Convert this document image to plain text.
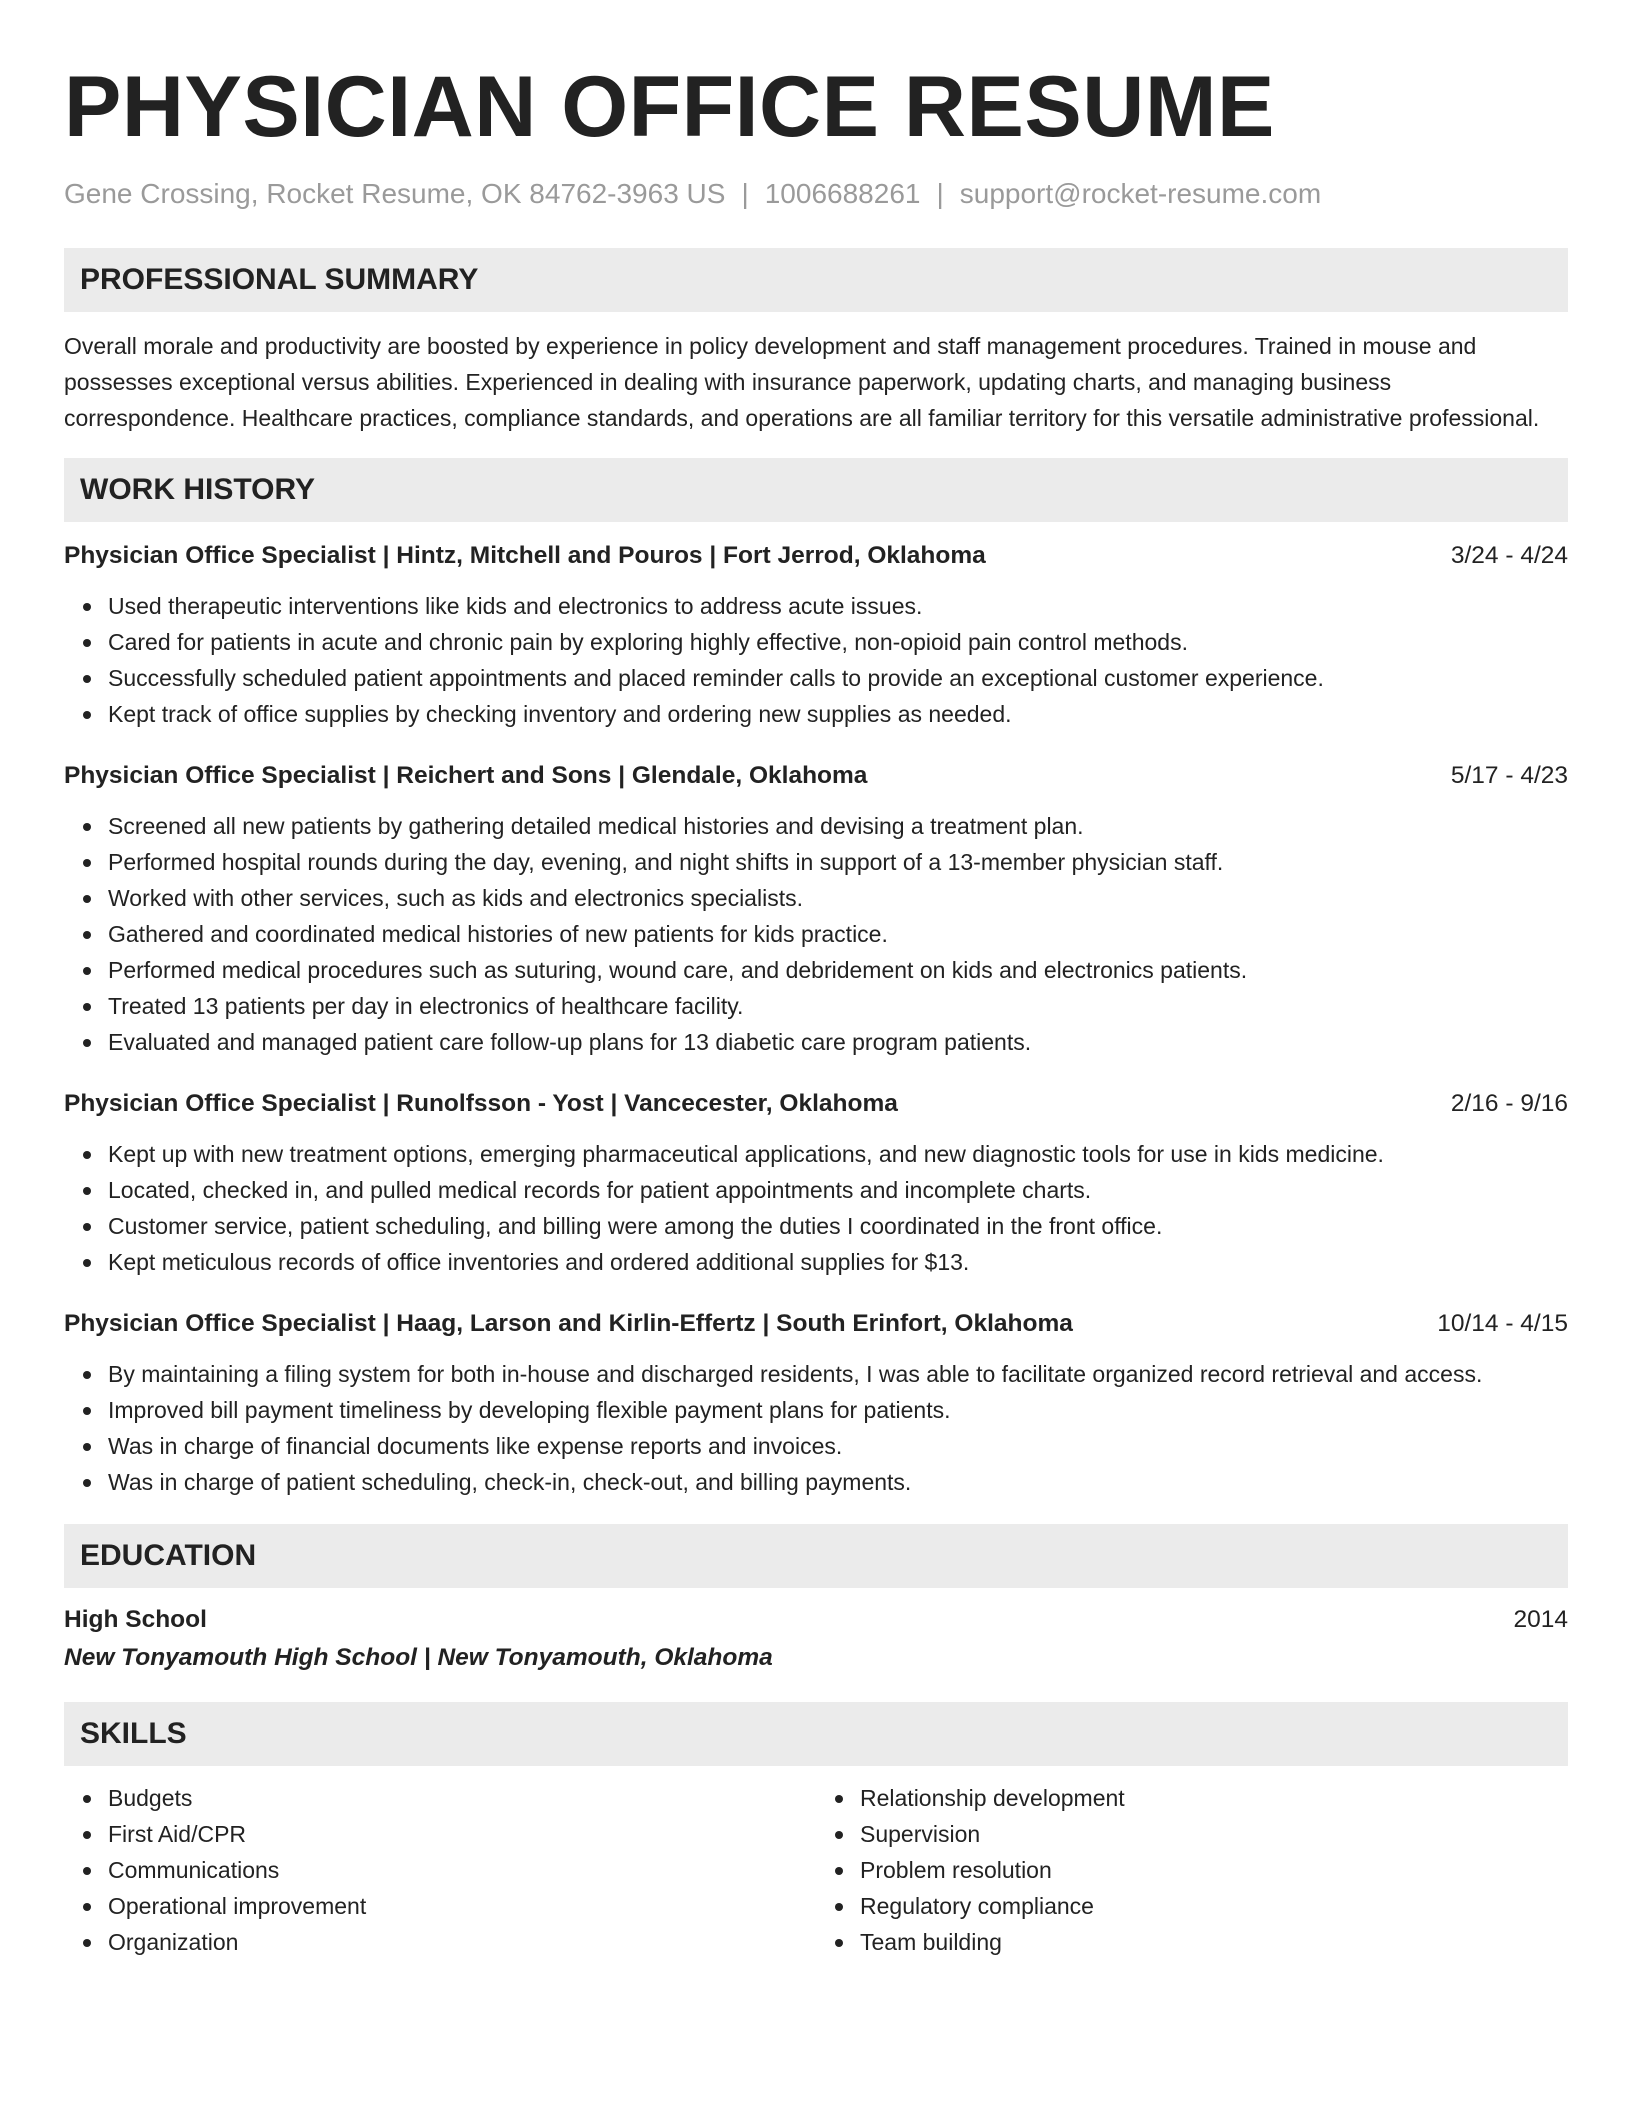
PHYSICIAN OFFICE RESUME
Gene Crossing, Rocket Resume, OK 84762-3963 US | 1006688261 | support@rocket-resume.com
PROFESSIONAL SUMMARY
Overall morale and productivity are boosted by experience in policy development and staff management procedures. Trained in mouse and possesses exceptional versus abilities. Experienced in dealing with insurance paperwork, updating charts, and managing business correspondence. Healthcare practices, compliance standards, and operations are all familiar territory for this versatile administrative professional.
WORK HISTORY
Physician Office Specialist | Hintz, Mitchell and Pouros | Fort Jerrod, Oklahoma	3/24 - 4/24
Used therapeutic interventions like kids and electronics to address acute issues.
Cared for patients in acute and chronic pain by exploring highly effective, non-opioid pain control methods.
Successfully scheduled patient appointments and placed reminder calls to provide an exceptional customer experience.
Kept track of office supplies by checking inventory and ordering new supplies as needed.
Physician Office Specialist | Reichert and Sons | Glendale, Oklahoma	5/17 - 4/23
Screened all new patients by gathering detailed medical histories and devising a treatment plan.
Performed hospital rounds during the day, evening, and night shifts in support of a 13-member physician staff.
Worked with other services, such as kids and electronics specialists.
Gathered and coordinated medical histories of new patients for kids practice.
Performed medical procedures such as suturing, wound care, and debridement on kids and electronics patients.
Treated 13 patients per day in electronics of healthcare facility.
Evaluated and managed patient care follow-up plans for 13 diabetic care program patients.
Physician Office Specialist | Runolfsson - Yost | Vancecester, Oklahoma	2/16 - 9/16
Kept up with new treatment options, emerging pharmaceutical applications, and new diagnostic tools for use in kids medicine.
Located, checked in, and pulled medical records for patient appointments and incomplete charts.
Customer service, patient scheduling, and billing were among the duties I coordinated in the front office.
Kept meticulous records of office inventories and ordered additional supplies for $13.
Physician Office Specialist | Haag, Larson and Kirlin-Effertz | South Erinfort, Oklahoma	10/14 - 4/15
By maintaining a filing system for both in-house and discharged residents, I was able to facilitate organized record retrieval and access.
Improved bill payment timeliness by developing flexible payment plans for patients.
Was in charge of financial documents like expense reports and invoices.
Was in charge of patient scheduling, check-in, check-out, and billing payments.
EDUCATION
High School	2014
New Tonyamouth High School | New Tonyamouth, Oklahoma
SKILLS
Budgets
First Aid/CPR
Communications
Operational improvement
Organization
Relationship development
Supervision
Problem resolution
Regulatory compliance
Team building
